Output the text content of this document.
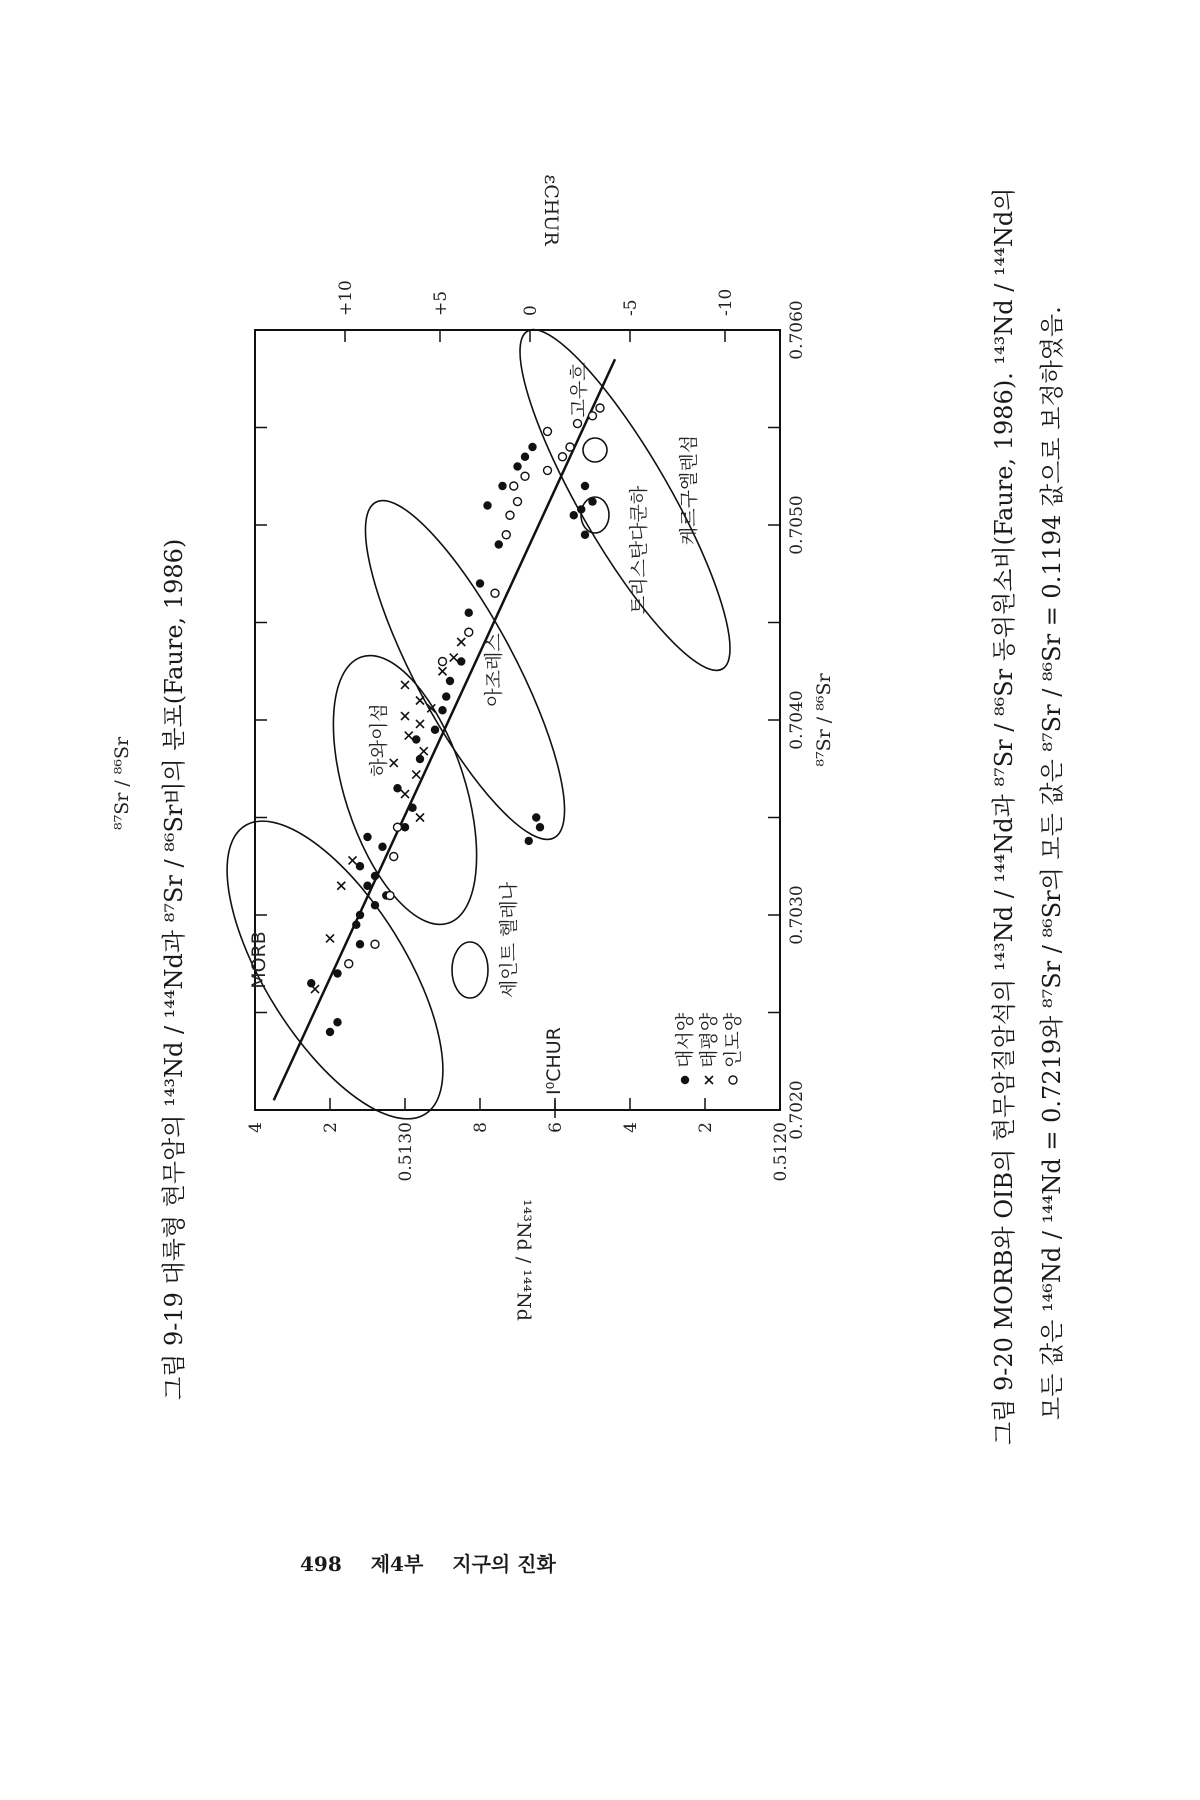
그림 9-19 대륙형 현무암의 ¹⁴³Nd / ¹⁴⁴Nd과 ⁸⁷Sr / ⁸⁶Sr비의 분포(Faure, 1986)
⁸⁷Sr / ⁸⁶Sr	그림 9-20 MORB와 OIB의 현무암질암석의 ¹⁴³Nd / ¹⁴⁴Nd과 ⁸⁷Sr / ⁸⁶Sr 동위원소비(Faure, 1986). ¹⁴³Nd / ¹⁴⁴Nd의 모든 값은 ¹⁴⁶Nd / ¹⁴⁴Nd = 0.7219와 ⁸⁷Sr / ⁸⁶Sr의 모든 값은 ⁸⁷Sr / ⁸⁶Sr = 0.1194 값으로 보정하였음.
0.7020
0.7030
0.7040
0.7050
0.7060
⁸⁷Sr / ⁸⁶Sr
4	2	0.5130	8	6	4	2	0.5120
¹⁴³Nd / ¹⁴⁴Nd
+10	+5	0	-5	-10
εCHUR
MORB	세인트 헬레나
하와이섬
아조레스
고우흐
트리스탄다쿤하 케르구엘렌섬
I⁰CHUR	대서양 태평양 인도양
498 제4부 지구의 진화
